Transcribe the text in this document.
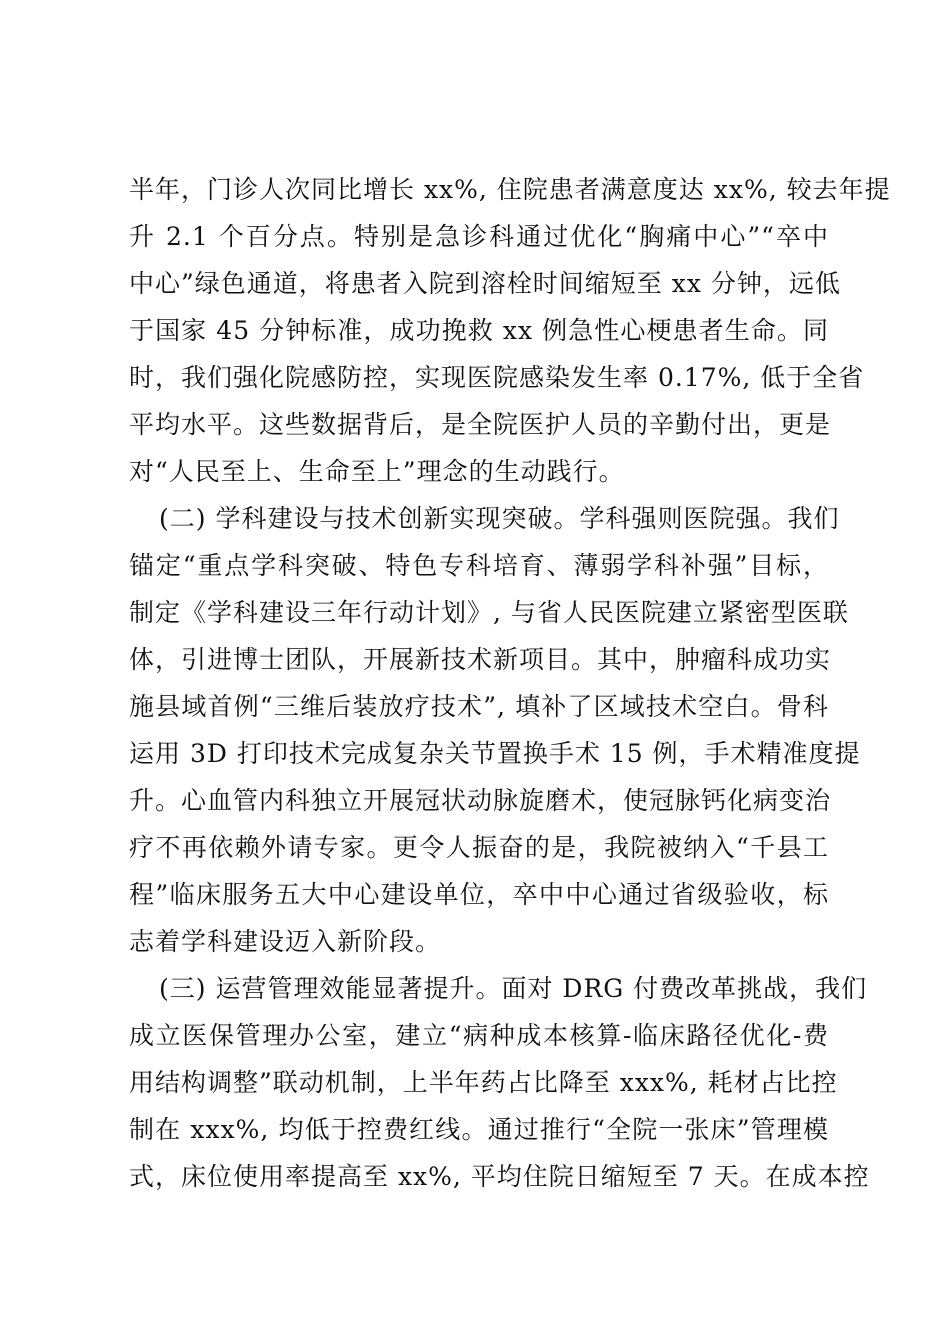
半年，门诊人次同比增长 xx%, 住院患者满意度达 xx%, 较去年提
升 2.1 个百分点。特别是急诊科通过优化“胸痛中心”“卒中
中心”绿色通道，将患者入院到溶栓时间缩短至 xx 分钟，远低
于国家 45 分钟标准，成功挽救 xx 例急性心梗患者生命。同
时，我们强化院感防控，实现医院感染发生率 0.17%, 低于全省
平均水平。这些数据背后，是全院医护人员的辛勤付出，更是
对“人民至上、生命至上”理念的生动践行。
(二) 学科建设与技术创新实现突破。学科强则医院强。我们
锚定“重点学科突破、特色专科培育、薄弱学科补强”目标，
制定《学科建设三年行动计划》, 与省人民医院建立紧密型医联
体，引进博士团队，开展新技术新项目。其中，肿瘤科成功实
施县域首例“三维后装放疗技术”, 填补了区域技术空白。骨科
运用 3D 打印技术完成复杂关节置换手术 15 例，手术精准度提
升。心血管内科独立开展冠状动脉旋磨术，使冠脉钙化病变治
疗不再依赖外请专家。更令人振奋的是，我院被纳入“千县工
程”临床服务五大中心建设单位，卒中中心通过省级验收，标
志着学科建设迈入新阶段。
(三) 运营管理效能显著提升。面对 DRG 付费改革挑战，我们
成立医保管理办公室，建立“病种成本核算-临床路径优化-费
用结构调整”联动机制，上半年药占比降至 xxx%, 耗材占比控
制在 xxx%, 均低于控费红线。通过推行“全院一张床”管理模
式，床位使用率提高至 xx%, 平均住院日缩短至 7 天。在成本控
